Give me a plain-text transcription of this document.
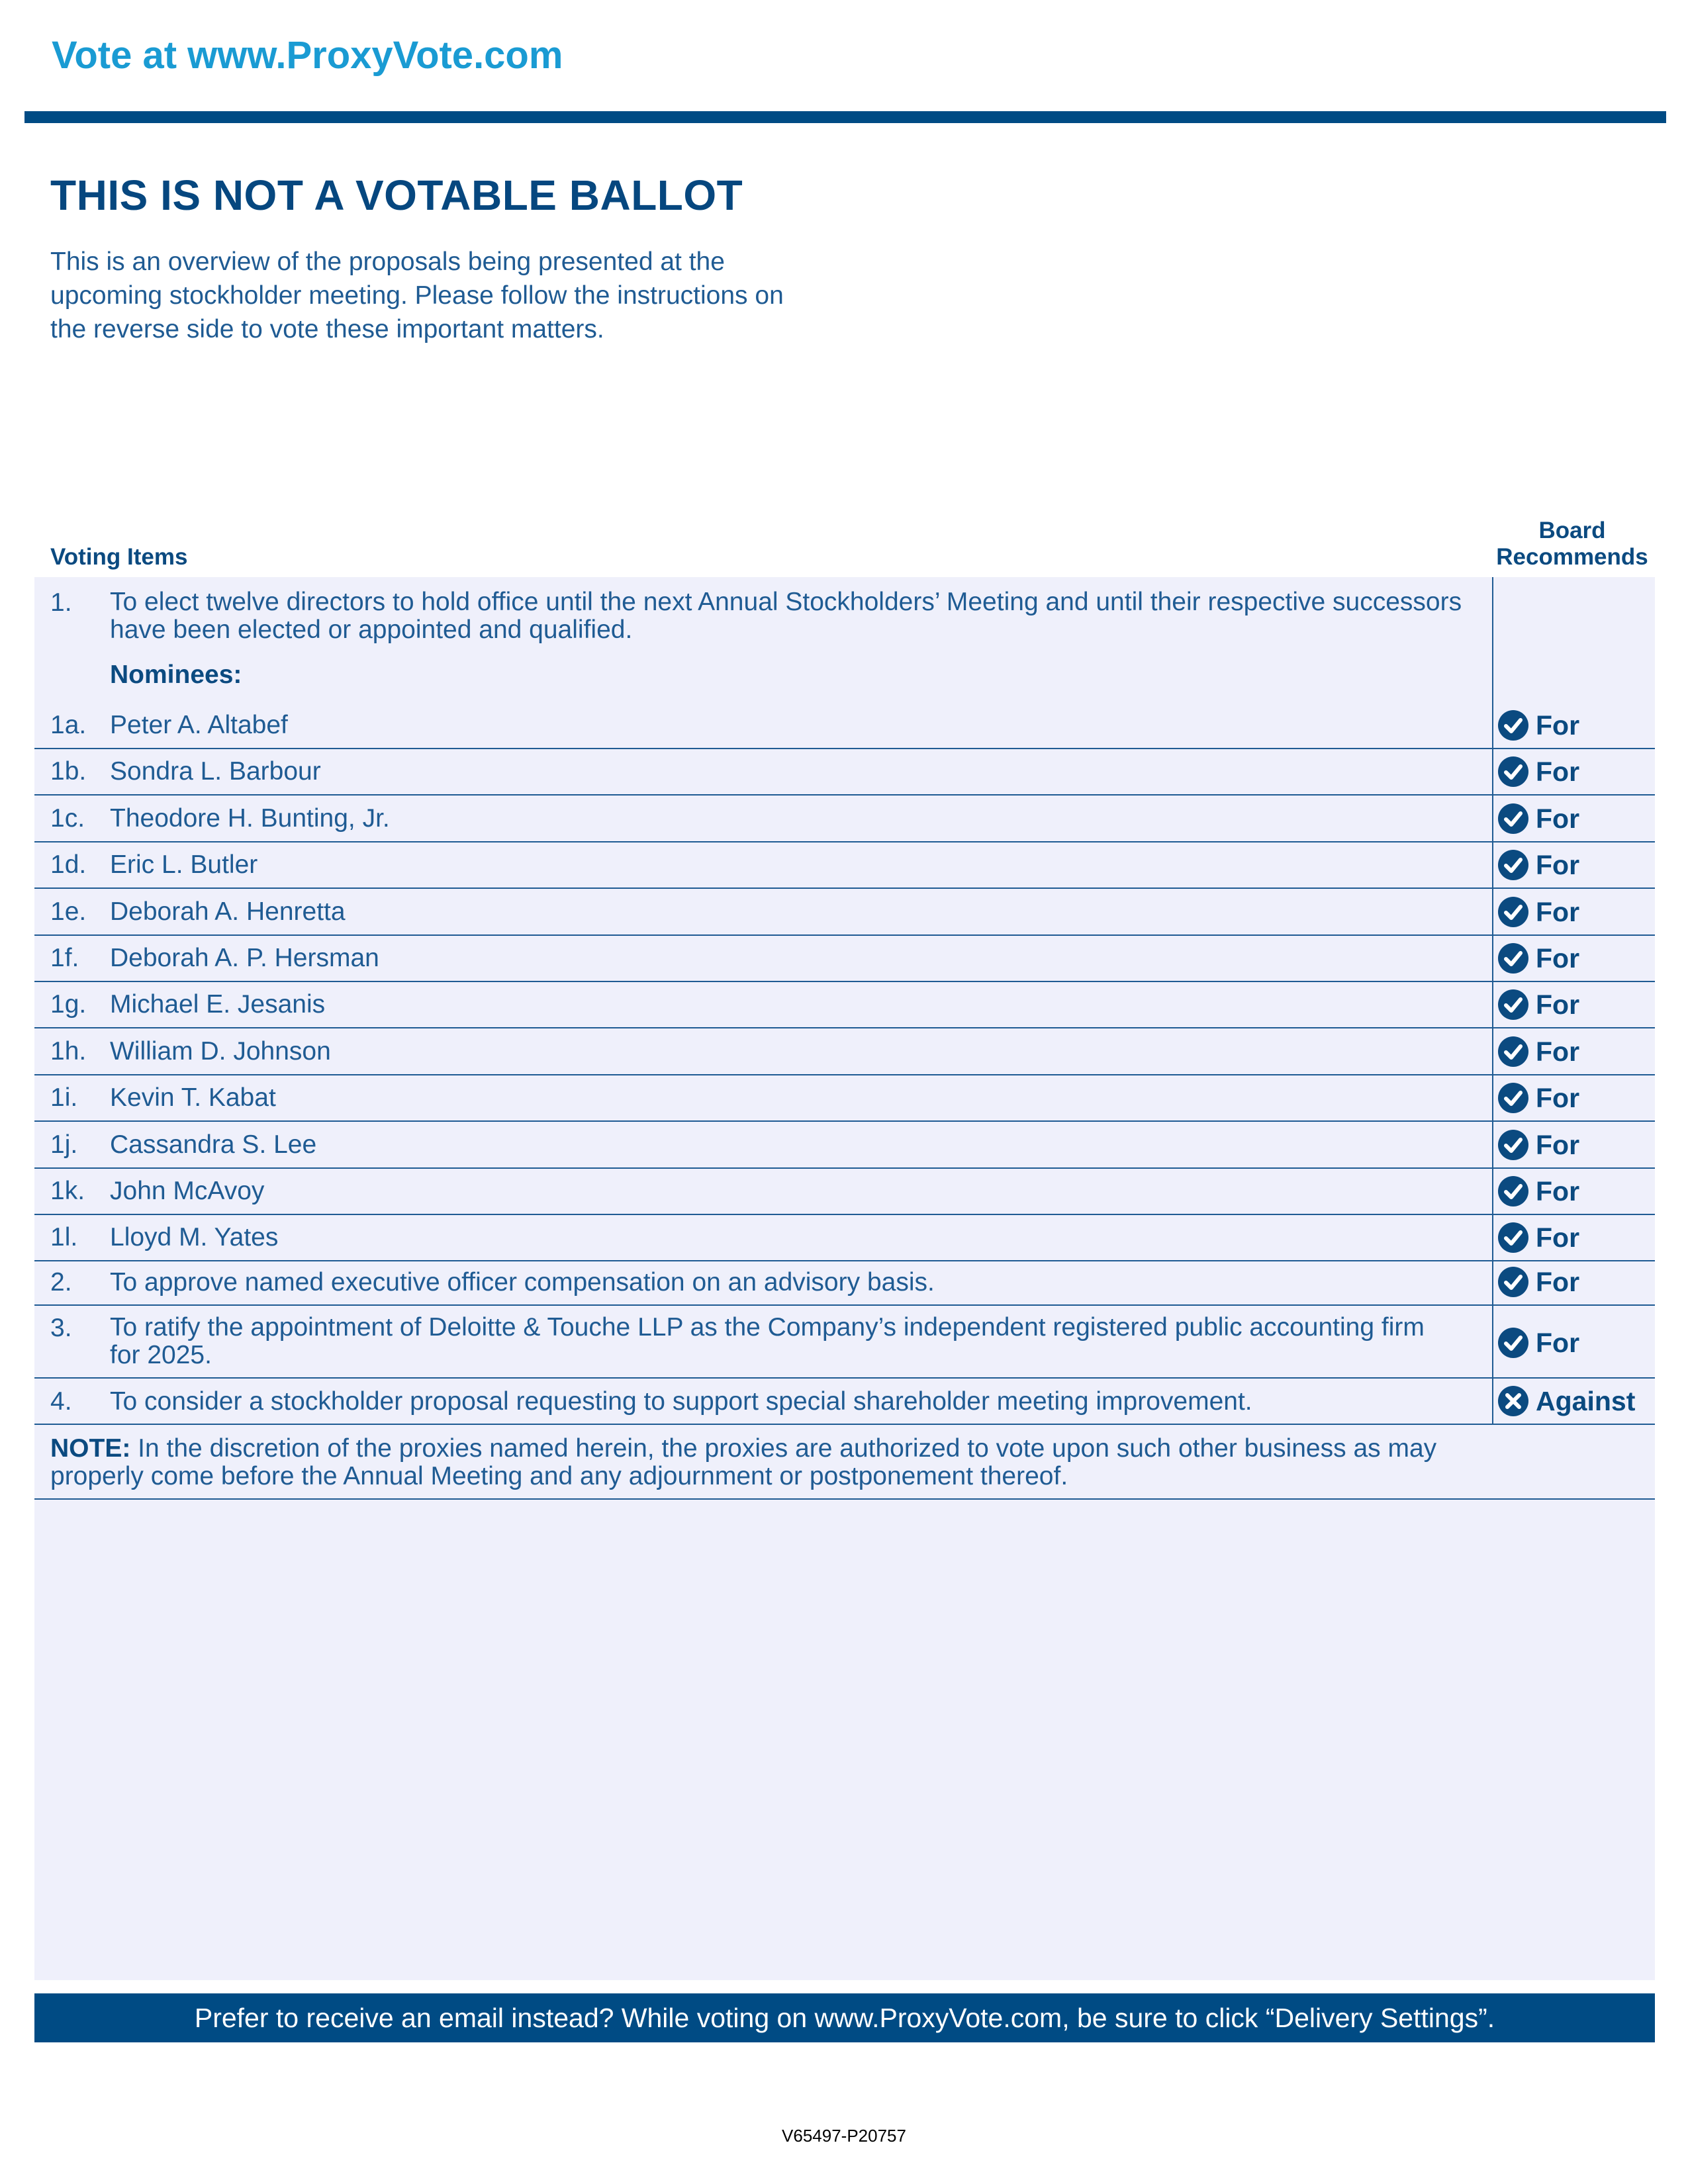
Vote at www.ProxyVote.com
THIS IS NOT A VOTABLE BALLOT
This is an overview of the proposals being presented at the
upcoming stockholder meeting. Please follow the instructions on
the reverse side to vote these important matters.
Voting Items
Board
Recommends
1. To elect twelve directors to hold office until the next Annual Stockholders’ Meeting and until their respective successors
have been elected or appointed and qualified.
Nominees:
1a. Peter A. Altabef	For
1b. Sondra L. Barbour	For
1c. Theodore H. Bunting, Jr.	For
1d. Eric L. Butler	For
1e. Deborah A. Henretta	For
1f. Deborah A. P. Hersman	For
1g. Michael E. Jesanis	For
1h. William D. Johnson	For
1i. Kevin T. Kabat	For
1j. Cassandra S. Lee	For
1k. John McAvoy	For
1l. Lloyd M. Yates	For
2. To approve named executive officer compensation on an advisory basis.	For
3. To ratify the appointment of Deloitte & Touche LLP as the Company’s independent registered public accounting firm
for 2025.	For
4. To consider a stockholder proposal requesting to support special shareholder meeting improvement.	Against
NOTE: In the discretion of the proxies named herein, the proxies are authorized to vote upon such other business as may
properly come before the Annual Meeting and any adjournment or postponement thereof.
Prefer to receive an email instead? While voting on www.ProxyVote.com, be sure to click “Delivery Settings”.
V65497-P20757
